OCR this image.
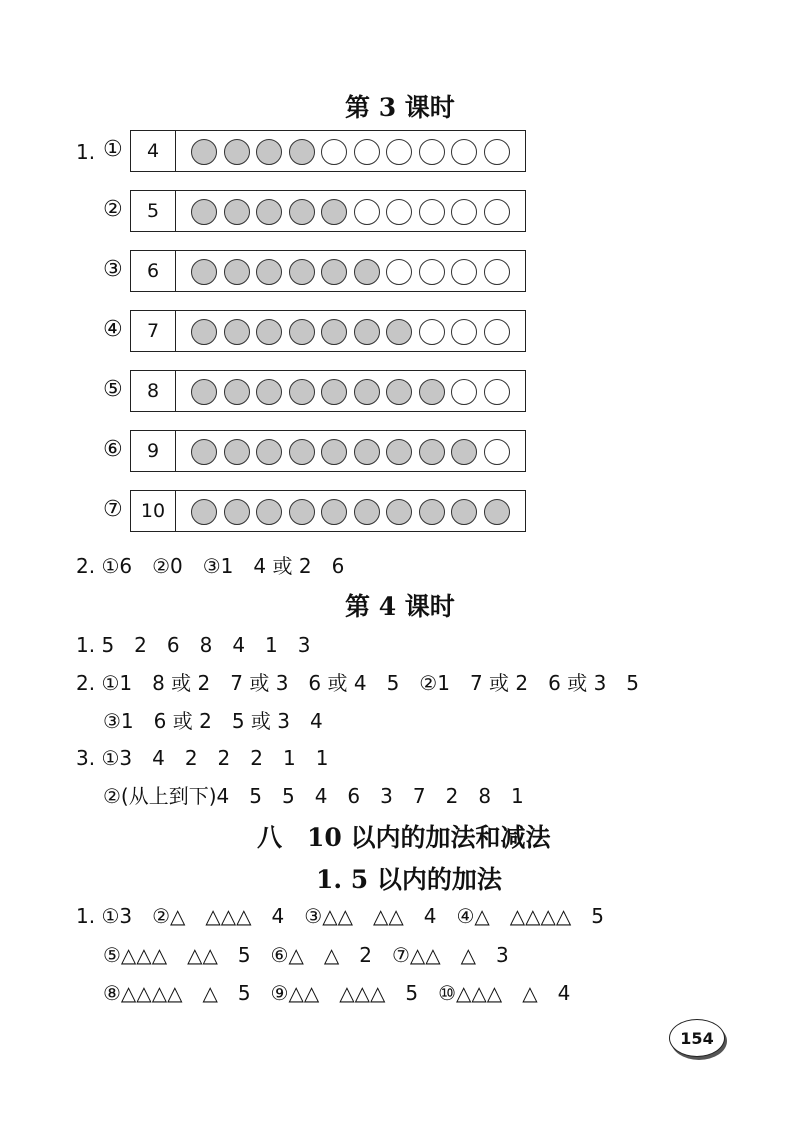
第 3 课时
1. ①	4
②	5
③	6
④	7
⑤	8
⑥	9
⑦ 10
2. ①6　②0　③1　4 或 2　6
第 4 课时
1. 5　2　6　8　4　1　3
2. ①1　8 或 2　7 或 3　6 或 4　5　②1　7 或 2　6 或 3　5
③1　6 或 2　5 或 3　4
3. ①3　4　2　2　2　1　1
②(从上到下)4　5　5　4　6　3　7　2　8　1
八　10 以内的加法和减法
1. 5 以内的加法
1. ①3　②△　△△△　4　③△△　△△　4　④△　△△△△　5
⑤△△△　△△　5　⑥△　△　2　⑦△△　△　3
⑧△△△△　△　5　⑨△△　△△△　5　⑩△△△　△　4
154
